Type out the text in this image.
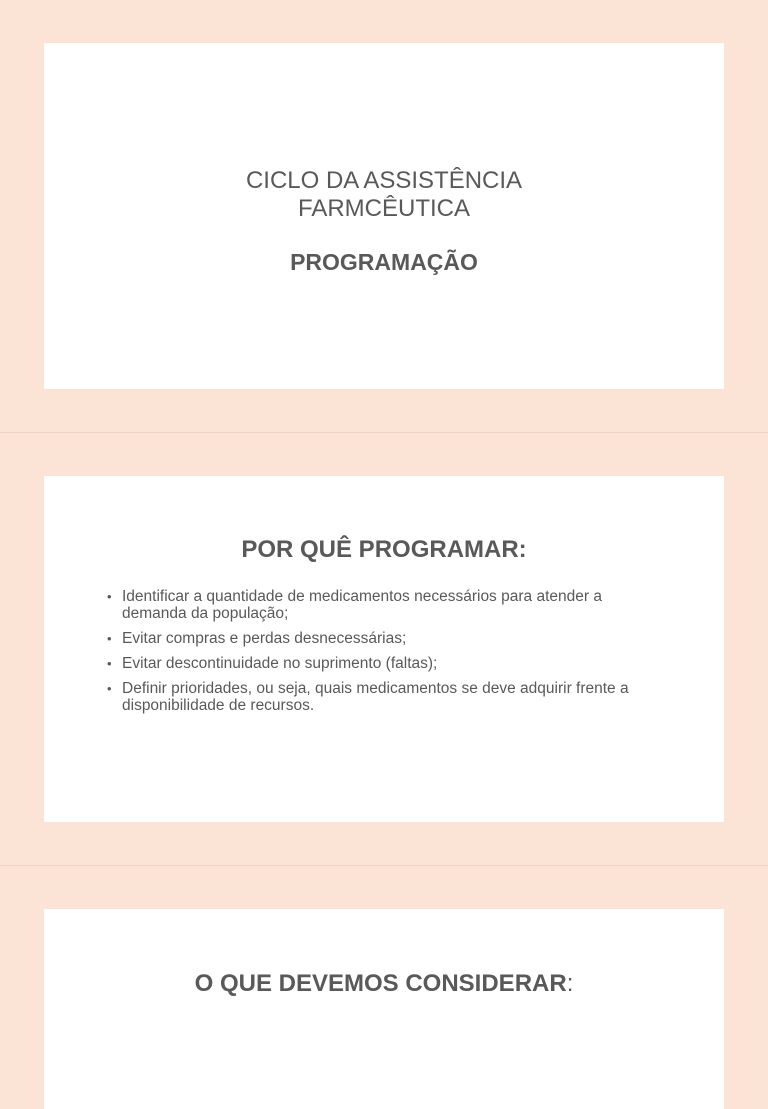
CICLO DA ASSISTÊNCIA
FARMCÊUTICA
PROGRAMAÇÃO
POR QUÊ PROGRAMAR:
• Identificar a quantidade de medicamentos necessários para atender a demanda da população;
• Evitar compras e perdas desnecessárias;
• Evitar descontinuidade no suprimento (faltas);
• Definir prioridades, ou seja, quais medicamentos se deve adquirir frente a disponibilidade de recursos.
O QUE DEVEMOS CONSIDERAR:
